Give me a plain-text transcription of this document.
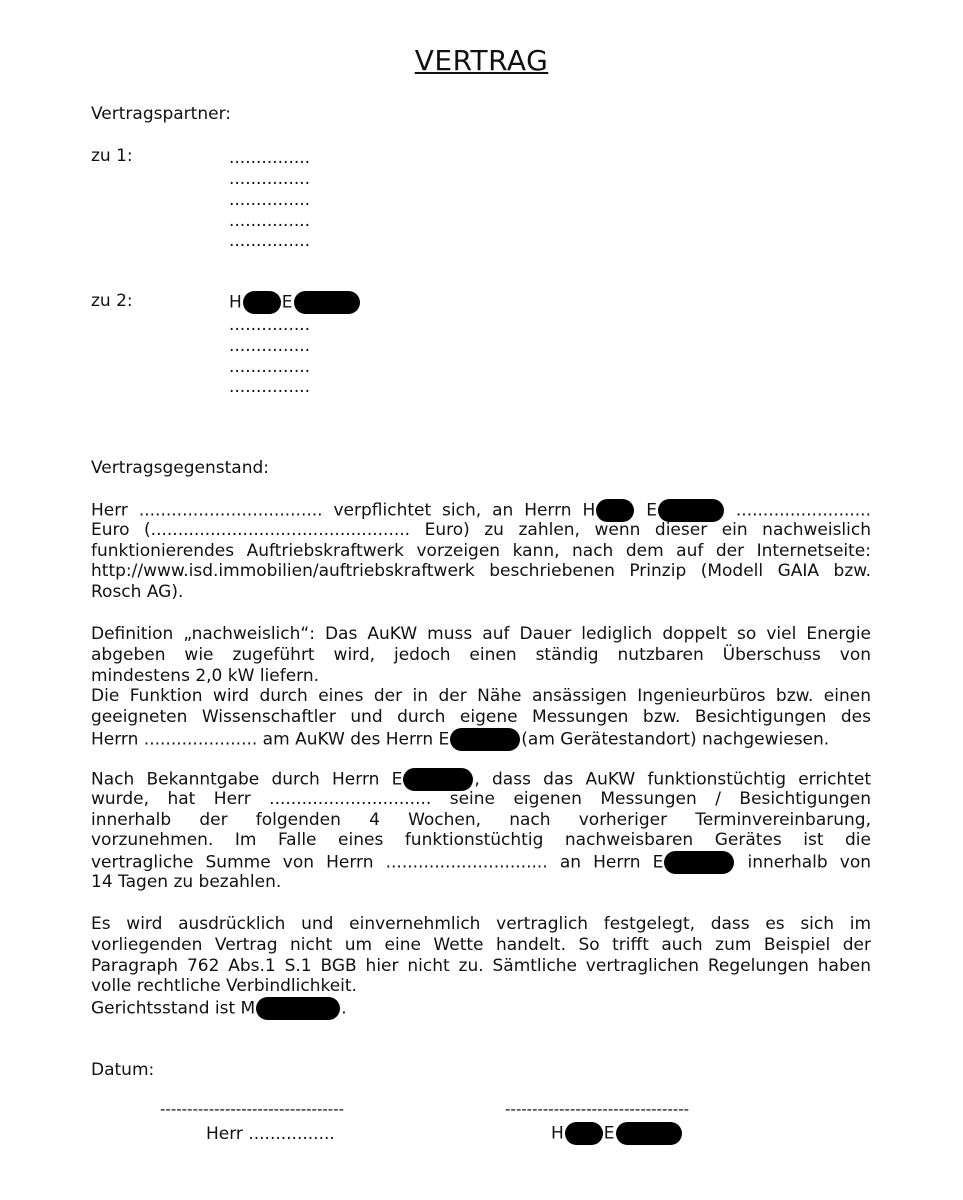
VERTRAG
Vertragspartner:
zu 1:	...............
...............
...............
...............
...............
zu 2:	H E
...............
...............
...............
...............
Vertragsgegenstand:
Herr .................................. verpflichtet sich, an Herrn H	E	.........................
Euro (................................................ Euro) zu zahlen, wenn dieser ein nachweislich
funktionierendes Auftriebskraftwerk vorzeigen kann, nach dem auf der Internetseite:
http://www.isd.immobilien/auftriebskraftwerk beschriebenen Prinzip (Modell GAIA bzw.
Rosch AG).
Definition „nachweislich“: Das AuKW muss auf Dauer lediglich doppelt so viel Energie
abgeben wie zugeführt wird, jedoch einen ständig nutzbaren Überschuss von
mindestens 2,0 kW liefern.
Die Funktion wird durch eines der in der Nähe ansässigen Ingenieurbüros bzw. einen
geeigneten Wissenschaftler und durch eigene Messungen bzw. Besichtigungen des
Herrn ..................... am AuKW des Herrn E	(am Gerätestandort) nachgewiesen.
Nach Bekanntgabe durch Herrn E	, dass das AuKW funktionstüchtig errichtet
wurde, hat Herr .............................. seine eigenen Messungen / Besichtigungen
innerhalb der folgenden 4 Wochen, nach vorheriger Terminvereinbarung,
vorzunehmen. Im Falle eines funktionstüchtig nachweisbaren Gerätes ist die
vertragliche Summe von Herrn .............................. an Herrn E	innerhalb von
14 Tagen zu bezahlen.
Es wird ausdrücklich und einvernehmlich vertraglich festgelegt, dass es sich im
vorliegenden Vertrag nicht um eine Wette handelt. So trifft auch zum Beispiel der
Paragraph 762 Abs.1 S.1 BGB hier nicht zu. Sämtliche vertraglichen Regelungen haben
volle rechtliche Verbindlichkeit.
Gerichtsstand ist M	.
Datum:
----------------------------------	----------------------------------
Herr ................	H E
